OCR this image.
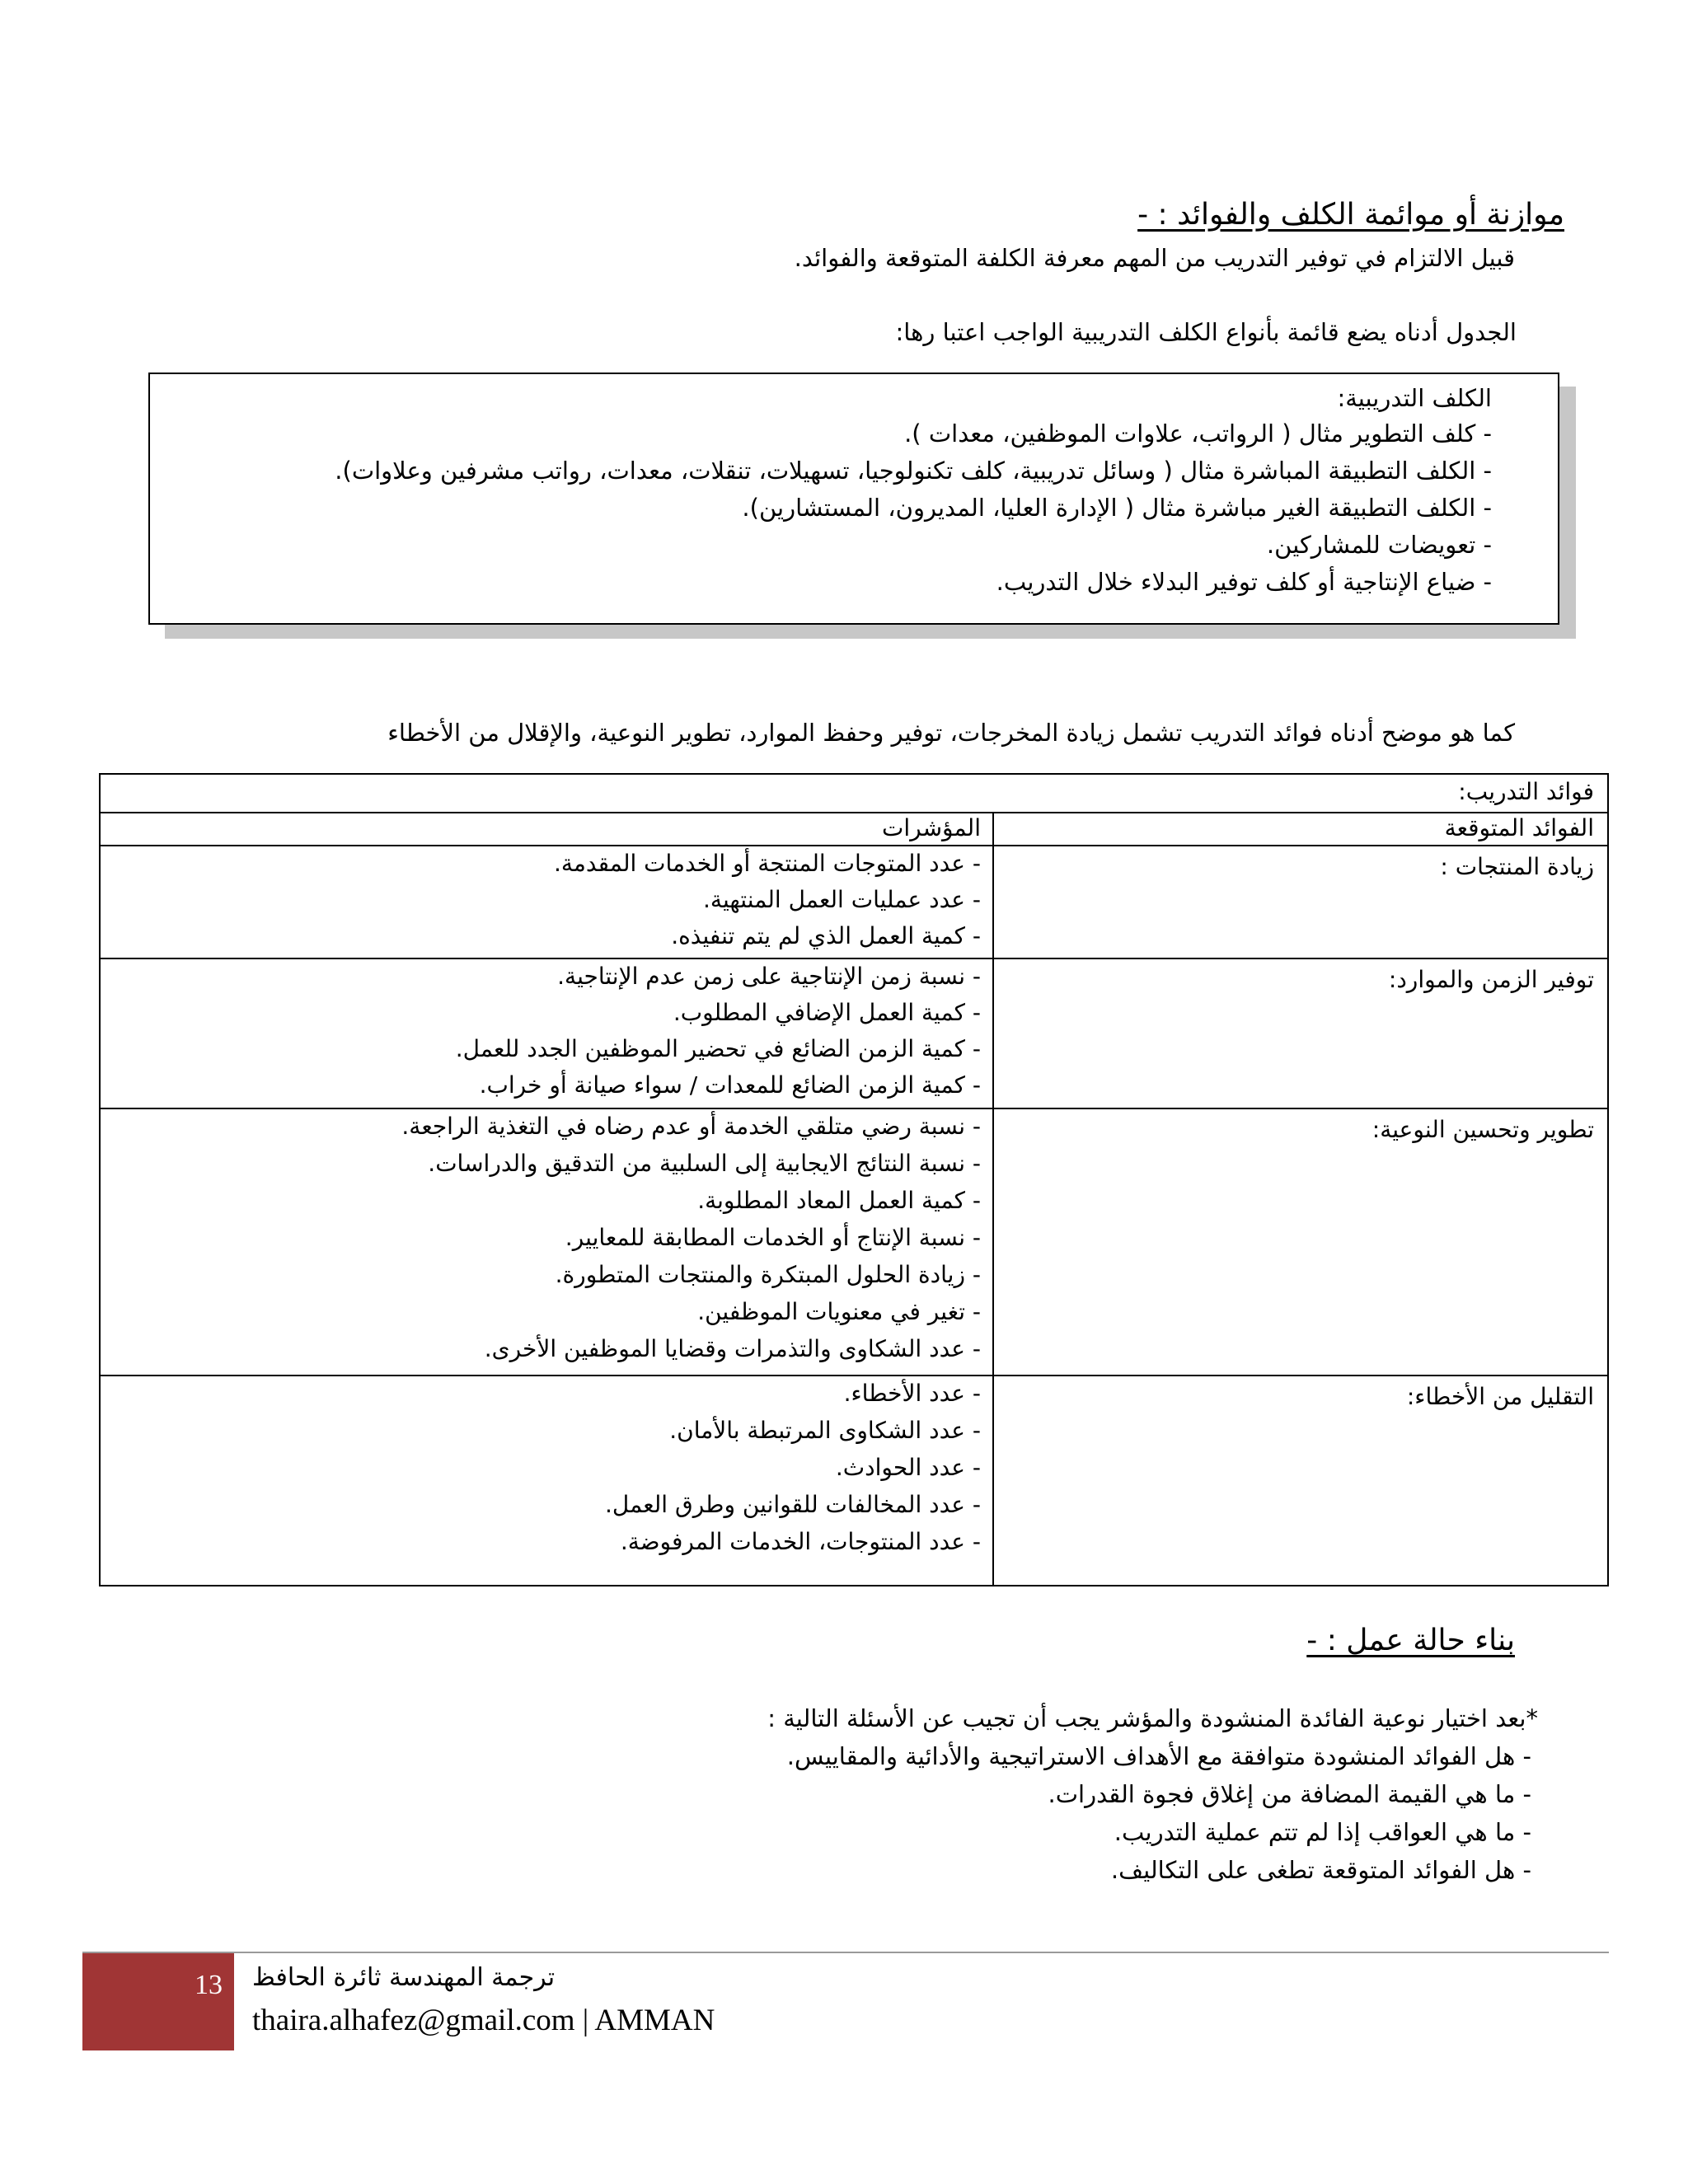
موازنة أو موائمة الكلف والفوائد : -
قبيل الالتزام في توفير التدريب من المهم معرفة الكلفة المتوقعة والفوائد.
الجدول أدناه يضع قائمة بأنواع الكلف التدريبية الواجب اعتبا رها:
الكلف التدريبية:
- كلف التطوير مثال ( الرواتب، علاوات الموظفين، معدات ).
- الكلف التطبيقة المباشرة مثال ( وسائل تدريبية، كلف تكنولوجيا، تسهيلات، تنقلات، معدات، رواتب مشرفين وعلاوات).
- الكلف التطبيقة الغير مباشرة مثال ( الإدارة العليا، المديرون، المستشارين).
- تعويضات للمشاركين.
- ضياع الإنتاجية أو كلف توفير البدلاء خلال التدريب.
كما هو موضح أدناه فوائد التدريب تشمل زيادة المخرجات، توفير وحفظ الموارد، تطوير النوعية، والإقلال من الأخطاء
فوائد التدريب:
الفوائد المتوقعة
المؤشرات
زيادة المنتجات :
- عدد المتوجات المنتجة أو الخدمات المقدمة.
- عدد عمليات العمل المنتهية.
- كمية العمل الذي لم يتم تنفيذه.
توفير الزمن والموارد:
- نسبة زمن الإنتاجية على زمن عدم الإنتاجية.
- كمية العمل الإضافي المطلوب.
- كمية الزمن الضائع في تحضير الموظفين الجدد للعمل.
- كمية الزمن الضائع للمعدات / سواء صيانة أو خراب.
تطوير وتحسين النوعية:
- نسبة رضي متلقي الخدمة أو عدم رضاه في التغذية الراجعة.
- نسبة النتائج الايجابية إلى السلبية من التدقيق والدراسات.
- كمية العمل المعاد المطلوبة.
- نسبة الإنتاج أو الخدمات المطابقة للمعايير.
- زيادة الحلول المبتكرة والمنتجات المتطورة.
- تغير في معنويات الموظفين.
- عدد الشكاوى والتذمرات وقضايا الموظفين الأخرى.
التقليل من الأخطاء:
- عدد الأخطاء.
- عدد الشكاوى المرتبطة بالأمان.
- عدد الحوادث.
- عدد المخالفات للقوانين وطرق العمل.
- عدد المنتوجات، الخدمات المرفوضة.
بناء حالة عمل : -
*بعد اختيار نوعية الفائدة المنشودة والمؤشر يجب أن تجيب عن الأسئلة التالية :
- هل الفوائد المنشودة متوافقة مع الأهداف الاستراتيجية والأدائية والمقاييس.
- ما هي القيمة المضافة من إغلاق فجوة القدرات.
- ما هي العواقب إذا لم تتم عملية التدريب.
- هل الفوائد المتوقعة تطغى على التكاليف.
13 ترجمة المهندسة ثائرة الحافظ
thaira.alhafez@gmail.com | AMMAN
